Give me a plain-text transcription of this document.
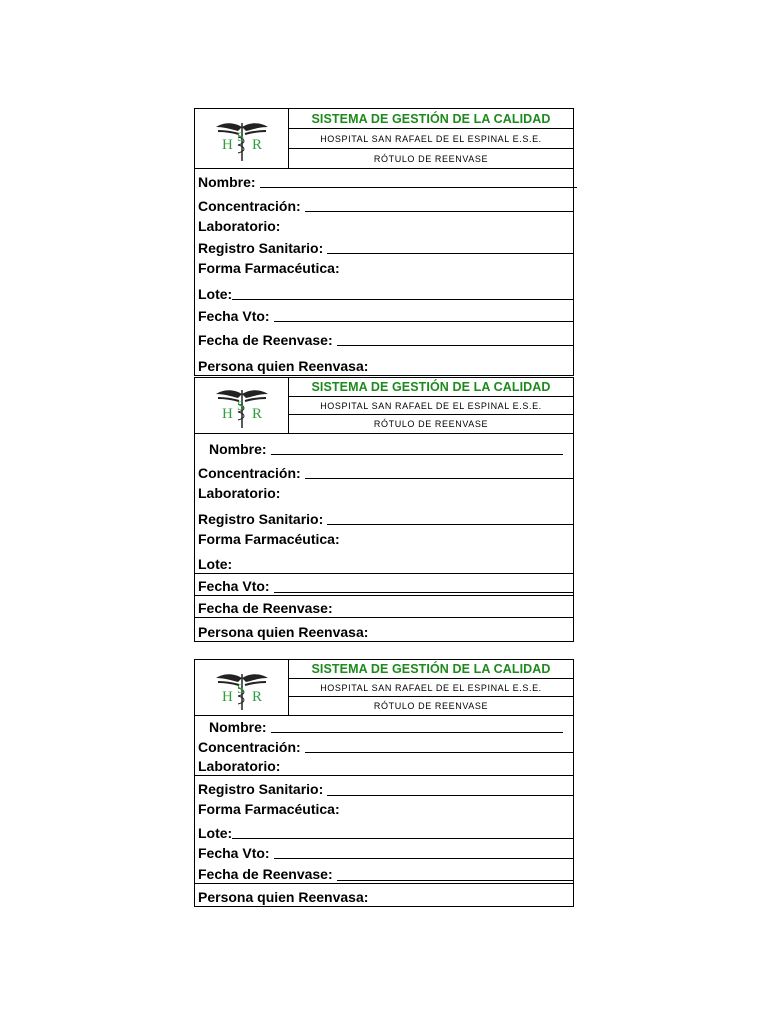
H
S
R
SISTEMA DE GESTIÓN DE LA CALIDAD
HOSPITAL SAN RAFAEL DE EL ESPINAL E.S.E.
RÓTULO DE REENVASE
Nombre:
Concentración:
Laboratorio:
Registro Sanitario:
Forma Farmacéutica:
Lote:
Fecha Vto:
Fecha de Reenvase:
Persona quien Reenvasa:
H
S
R
SISTEMA DE GESTIÓN DE LA CALIDAD
HOSPITAL SAN RAFAEL DE EL ESPINAL E.S.E.
RÓTULO DE REENVASE
Nombre:
Concentración:
Laboratorio:
Registro Sanitario:
Forma Farmacéutica:
Lote:
Fecha Vto:
Fecha de Reenvase:
Persona quien Reenvasa:
H
S
R
SISTEMA DE GESTIÓN DE LA CALIDAD
HOSPITAL SAN RAFAEL DE EL ESPINAL E.S.E.
RÓTULO DE REENVASE
Nombre:
Concentración:
Laboratorio:
Registro Sanitario:
Forma Farmacéutica:
Lote:
Fecha Vto:
Fecha de Reenvase:
Persona quien Reenvasa:
